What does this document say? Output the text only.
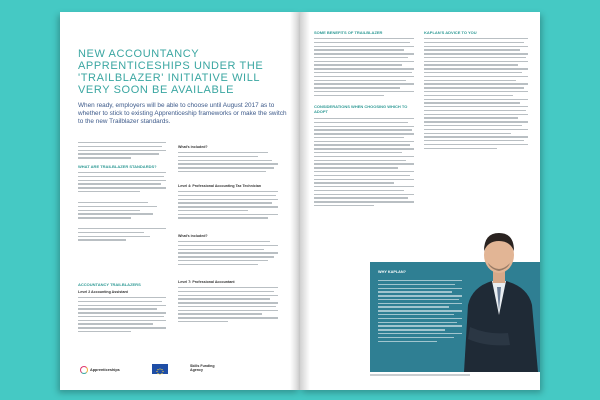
NEW ACCOUNTANCY APPRENTICESHIPS UNDER THE 'TRAILBLAZER' INITIATIVE WILL VERY SOON BE AVAILABLE

When ready, employers will be able to choose until August 2017 as to whether to stick to existing Apprenticeship frameworks or make the switch to the new Trailblazer standards.

WHAT ARE TRAILBLAZER STANDARDS?
ACCOUNTANCY TRAILBLAZERS

Level 2 Accounting Assistant

What's included?

Level 4: Professional Accounting Tax Technician

What's included?

Level 7: Professional Accountant

Apprenticeships
Skills Funding Agency
SOME BENEFITS OF TRAILBLAZER
CONSIDERATIONS WHEN CHOOSING WHICH TO ADOPT
KAPLAN'S ADVICE TO YOU

WHY KAPLAN?
